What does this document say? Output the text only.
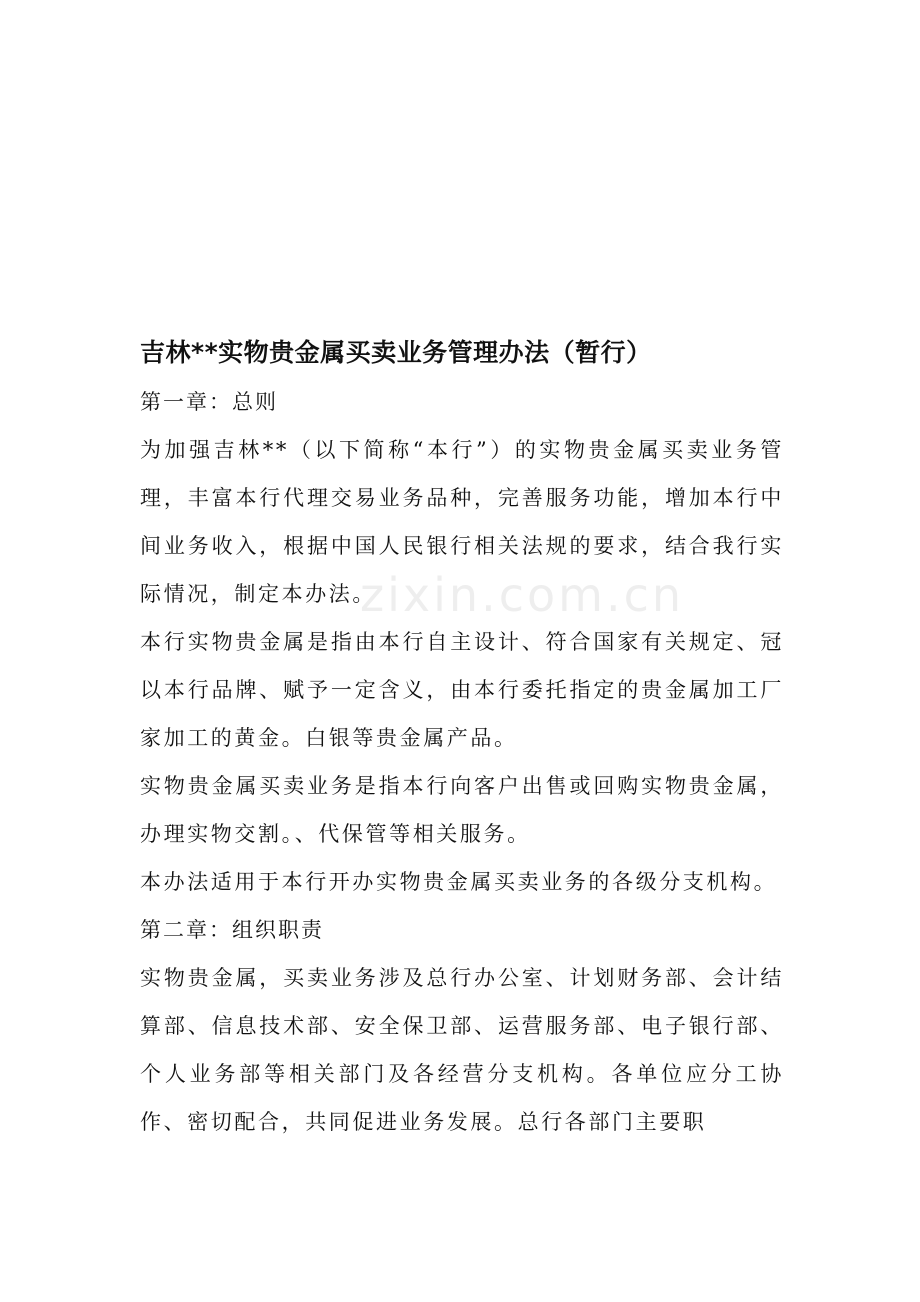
zixin.com.cn
吉林**实物贵金属买卖业务管理办法（暂行）

第一章：总则

为加强吉林**（以下简称“本行”）的实物贵金属买卖业务管理，丰富本行代理交易业务品种，完善服务功能，增加本行中间业务收入，根据中国人民银行相关法规的要求，结合我行实际情况，制定本办法。

本行实物贵金属是指由本行自主设计、符合国家有关规定、冠以本行品牌、赋予一定含义，由本行委托指定的贵金属加工厂家加工的黄金。白银等贵金属产品。

实物贵金属买卖业务是指本行向客户出售或回购实物贵金属，办理实物交割。、代保管等相关服务。

本办法适用于本行开办实物贵金属买卖业务的各级分支机构。

第二章：组织职责

实物贵金属，买卖业务涉及总行办公室、计划财务部、会计结算部、信息技术部、安全保卫部、运营服务部、电子银行部、个人业务部等相关部门及各经营分支机构。各单位应分工协作、密切配合，共同促进业务发展。总行各部门主要职
